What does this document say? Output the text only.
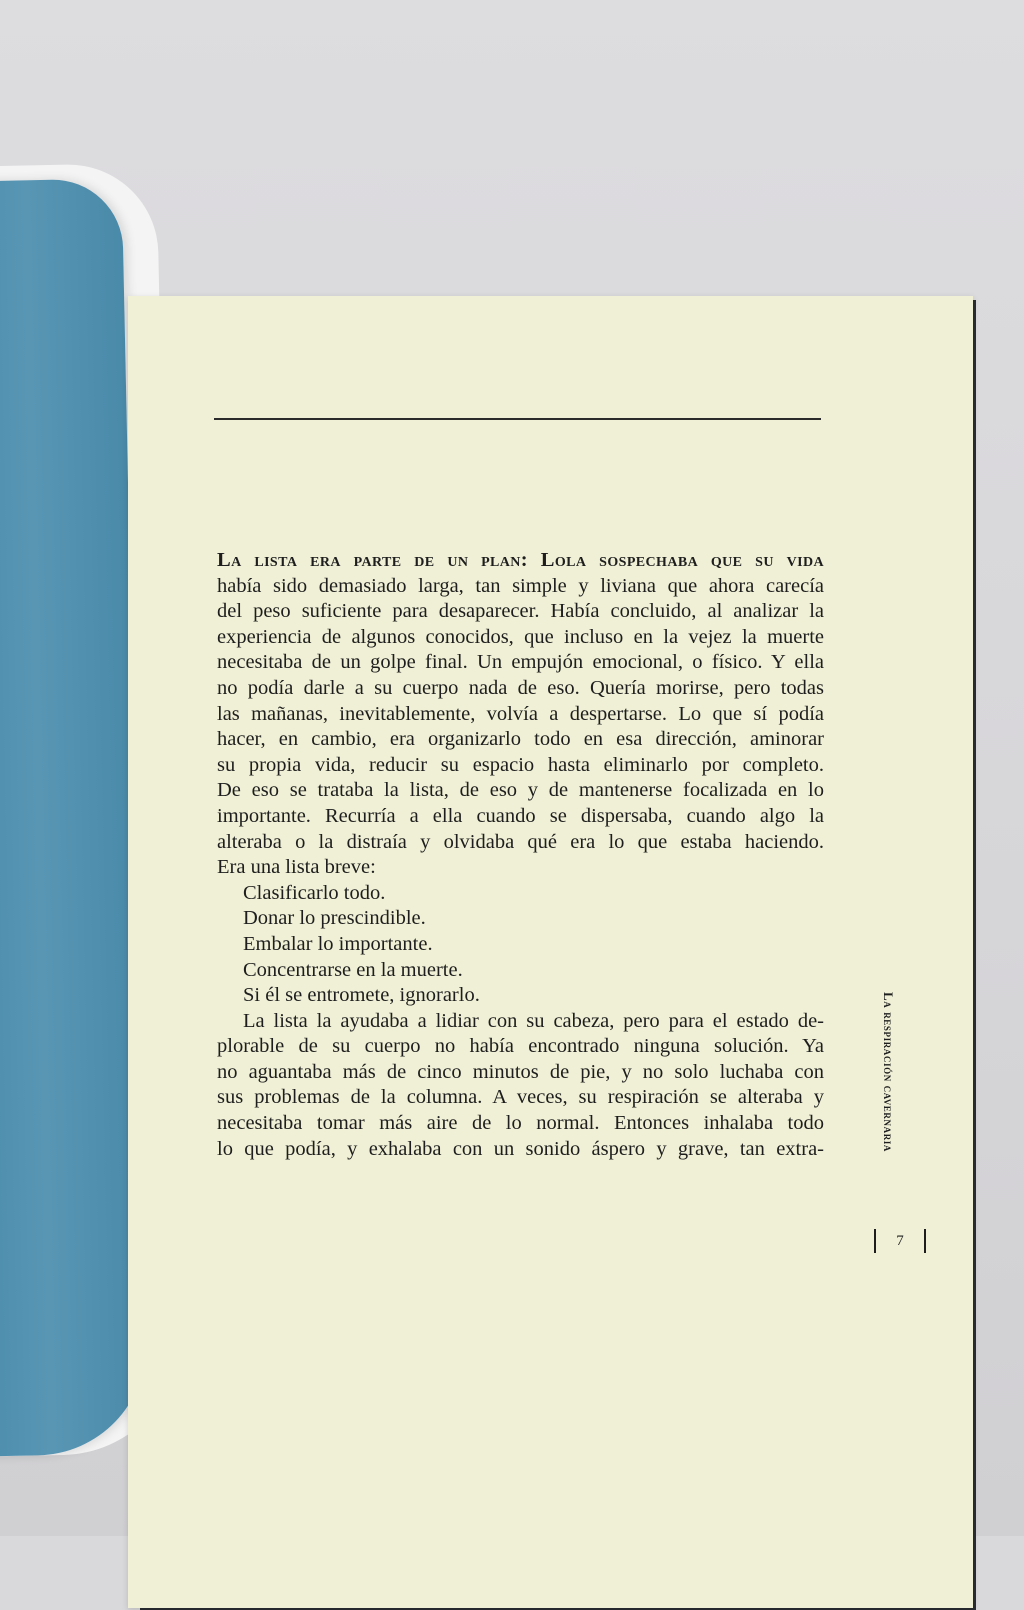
La lista era parte de un plan: Lola sospechaba que su vida
había sido demasiado larga, tan simple y liviana que ahora carecía
del peso suficiente para desaparecer. Había concluido, al analizar la
experiencia de algunos conocidos, que incluso en la vejez la muerte
necesitaba de un golpe final. Un empujón emocional, o físico. Y ella
no podía darle a su cuerpo nada de eso. Quería morirse, pero todas
las mañanas, inevitablemente, volvía a despertarse. Lo que sí podía
hacer, en cambio, era organizarlo todo en esa dirección, aminorar
su propia vida, reducir su espacio hasta eliminarlo por completo.
De eso se trataba la lista, de eso y de mantenerse focalizada en lo
importante. Recurría a ella cuando se dispersaba, cuando algo la
alteraba o la distraía y olvidaba qué era lo que estaba haciendo.
Era una lista breve:
Clasificarlo todo.
Donar lo prescindible.
Embalar lo importante.
Concentrarse en la muerte.
Si él se entromete, ignorarlo.
La lista la ayudaba a lidiar con su cabeza, pero para el estado de-
plorable de su cuerpo no había encontrado ninguna solución. Ya
no aguantaba más de cinco minutos de pie, y no solo luchaba con
sus problemas de la columna. A veces, su respiración se alteraba y
necesitaba tomar más aire de lo normal. Entonces inhalaba todo
lo que podía, y exhalaba con un sonido áspero y grave, tan extra-	La respiración cavernaria
7
